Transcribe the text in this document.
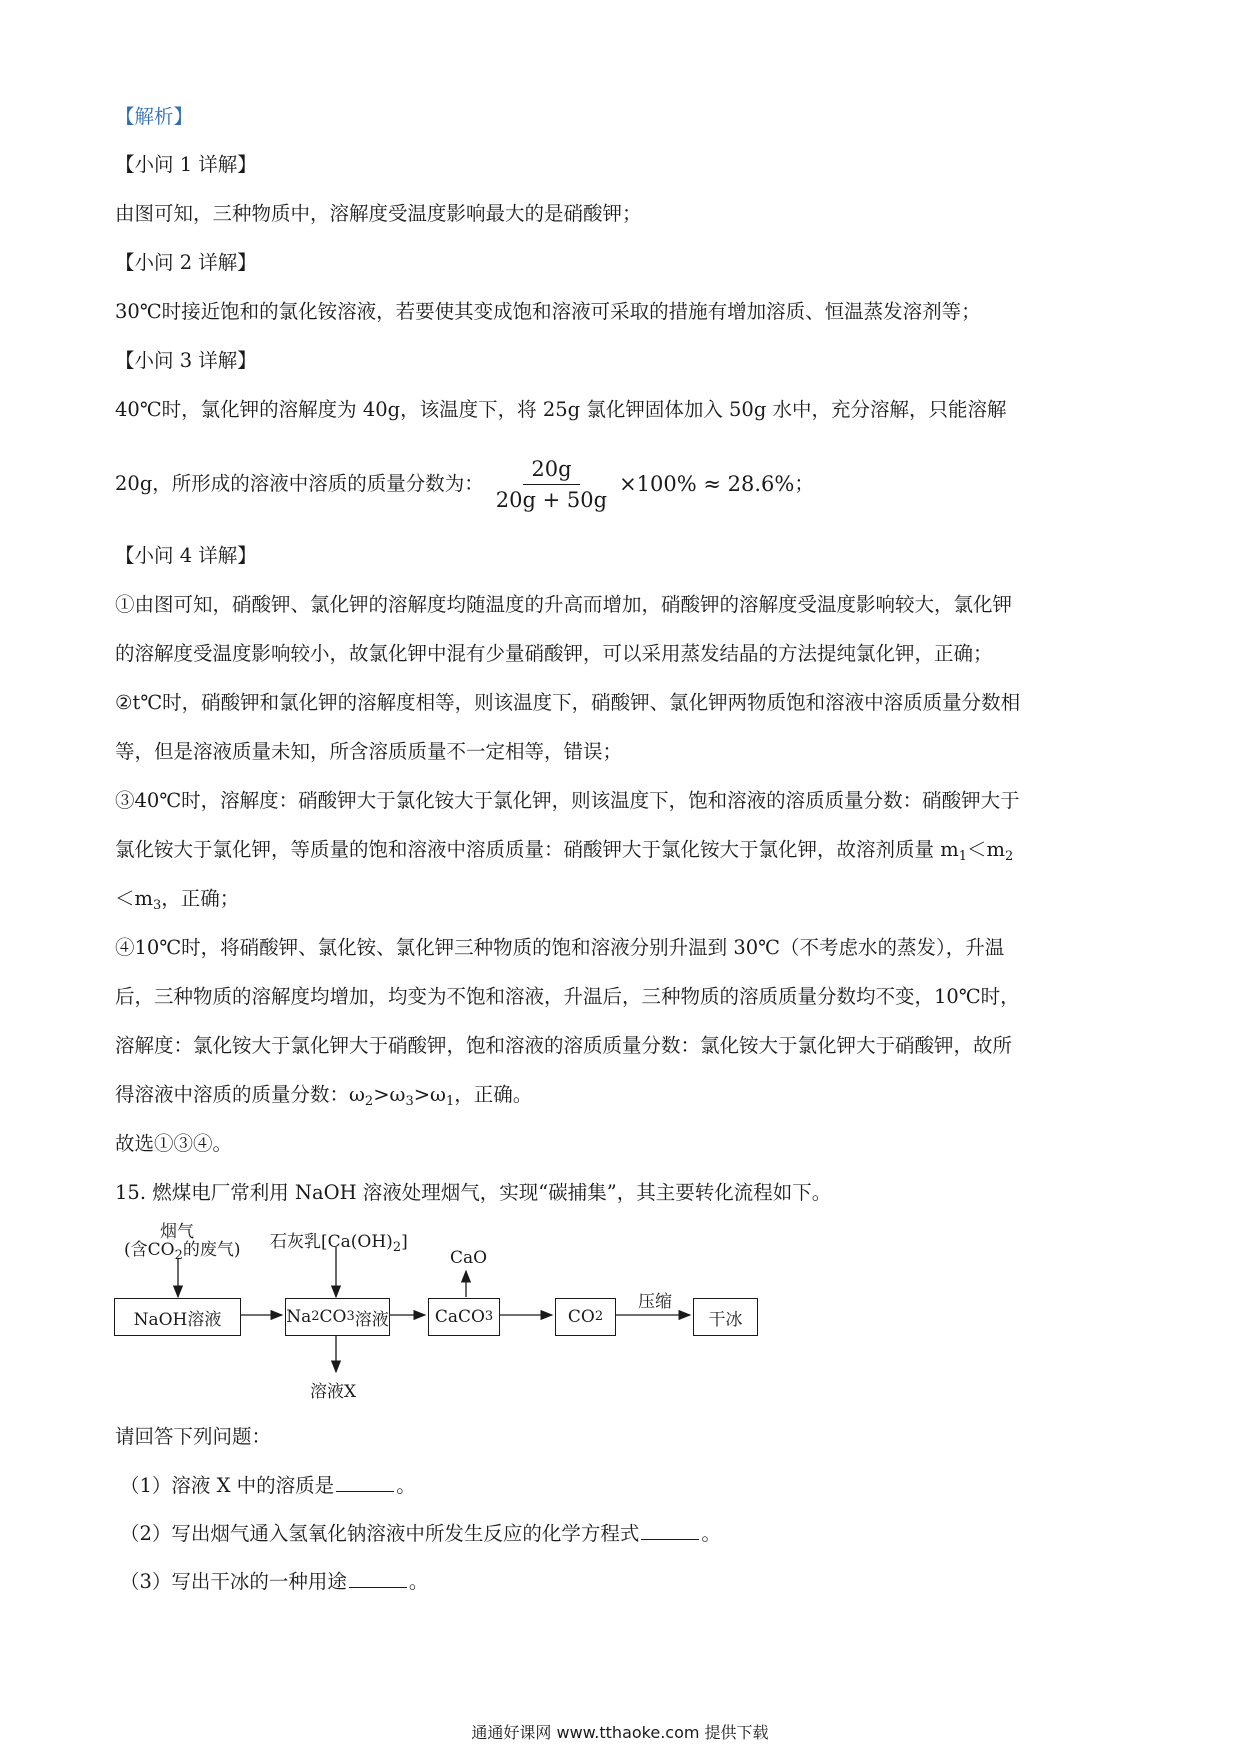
【解析】
【小问 1 详解】
由图可知，三种物质中，溶解度受温度影响最大的是硝酸钾；
【小问 2 详解】
30℃时接近饱和的氯化铵溶液，若要使其变成饱和溶液可采取的措施有增加溶质、恒温蒸发溶剂等；
【小问 3 详解】
40℃时，氯化钾的溶解度为 40g，该温度下，将 25g 氯化钾固体加入 50g 水中，充分溶解，只能溶解
20g，所形成的溶液中溶质的质量分数为： $\frac{20g}{20g + 50g} \times 100\% \approx 28.6\%$ ；
【小问 4 详解】
①由图可知，硝酸钾、氯化钾的溶解度均随温度的升高而增加，硝酸钾的溶解度受温度影响较大，氯化钾
的溶解度受温度影响较小，故氯化钾中混有少量硝酸钾，可以采用蒸发结晶的方法提纯氯化钾，正确；
②t℃时，硝酸钾和氯化钾的溶解度相等，则该温度下，硝酸钾、氯化钾两物质饱和溶液中溶质质量分数相
等，但是溶液质量未知，所含溶质质量不一定相等，错误；
③40℃时，溶解度：硝酸钾大于氯化铵大于氯化钾，则该温度下，饱和溶液的溶质质量分数：硝酸钾大于
氯化铵大于氯化钾，等质量的饱和溶液中溶质质量：硝酸钾大于氯化铵大于氯化钾，故溶剂质量 $m_1<m_2$
$<m_3$，正确；
④10℃时，将硝酸钾、氯化铵、氯化钾三种物质的饱和溶液分别升温到 30℃（不考虑水的蒸发），升温
后，三种物质的溶解度均增加，均变为不饱和溶液，升温后，三种物质的溶质质量分数均不变，10℃时，
溶解度：氯化铵大于氯化钾大于硝酸钾，饱和溶液的溶质质量分数：氯化铵大于氯化钾大于硝酸钾，故所
得溶液中溶质的质量分数：$\omega_2>\omega_3>\omega_1$，正确。
故选①③④。
15. 燃煤电厂常利用 NaOH 溶液处理烟气，实现“碳捕集”，其主要转化流程如下。
烟气
(含$CO_2$的废气) 石灰乳$[Ca(OH)_2]$
CaO
压缩
溶液X
NaOH溶液	Na 2 CO 3 溶液	CaCO 3	CO 2	干冰
请回答下列问题：
（1）溶液 X 中的溶质是	。
（2）写出烟气通入氢氧化钠溶液中所发生反应的化学方程式	。
（3）写出干冰的一种用途	。
通通好课网 www.tthaoke.com 提供下载
